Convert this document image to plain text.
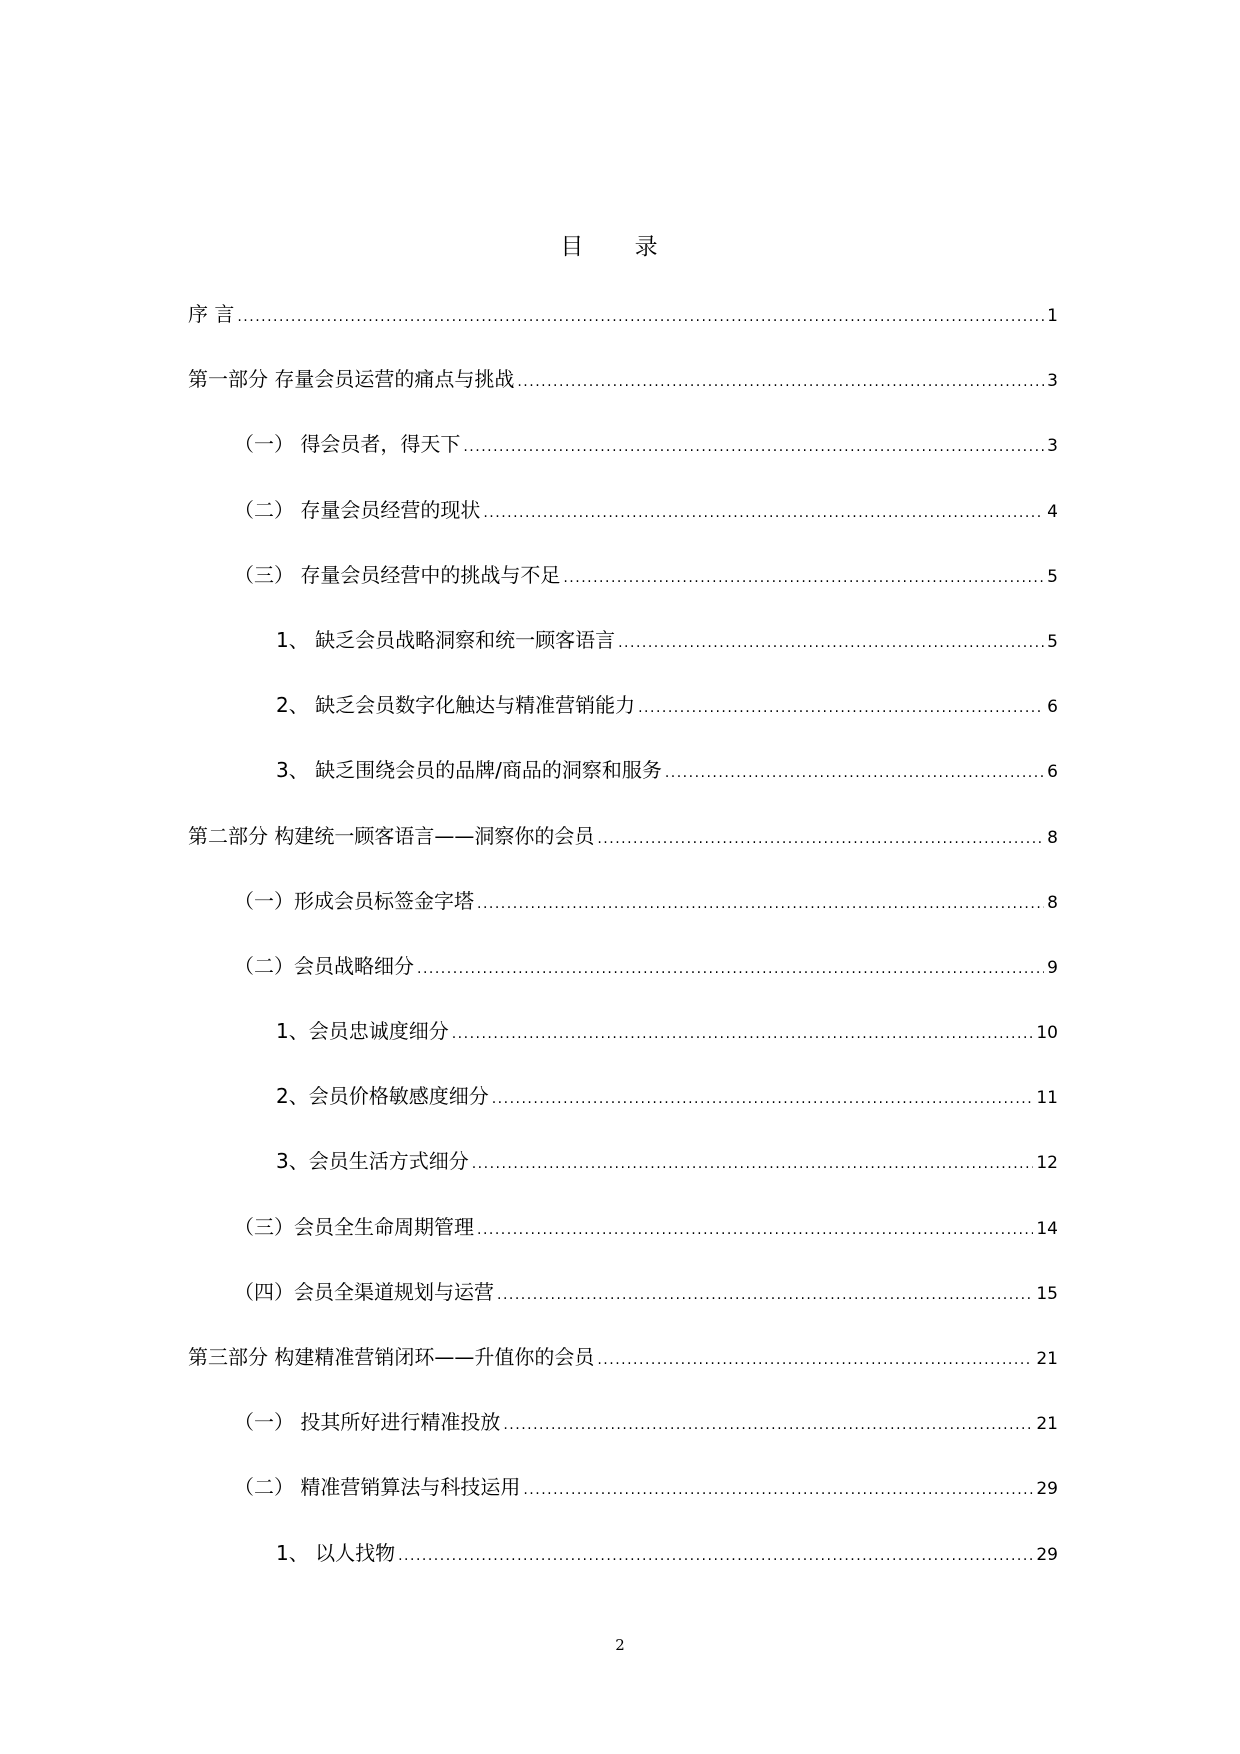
目 录
序 言 .....	1
第一部分 存量会员运营的痛点与挑战 .....	3
（一） 得会员者，得天下 .....	3
（二） 存量会员经营的现状 .....	4
（三） 存量会员经营中的挑战与不足 .....	5
1、 缺乏会员战略洞察和统一顾客语言 .....	5
2、 缺乏会员数字化触达与精准营销能力 .....	6
3、 缺乏围绕会员的品牌/商品的洞察和服务 .....	6
第二部分 构建统一顾客语言——洞察你的会员 .....	8
（一）形成会员标签金字塔 .....	8
（二）会员战略细分 .....	9
1、会员忠诚度细分 .....	10
2、会员价格敏感度细分 .....	11
3、会员生活方式细分 .....	12
（三）会员全生命周期管理 .....	14
（四）会员全渠道规划与运营 .....	15
第三部分 构建精准营销闭环——升值你的会员 .....	21
（一） 投其所好进行精准投放 .....	21
（二） 精准营销算法与科技运用 .....	29
1、 以人找物 .....	29
2
